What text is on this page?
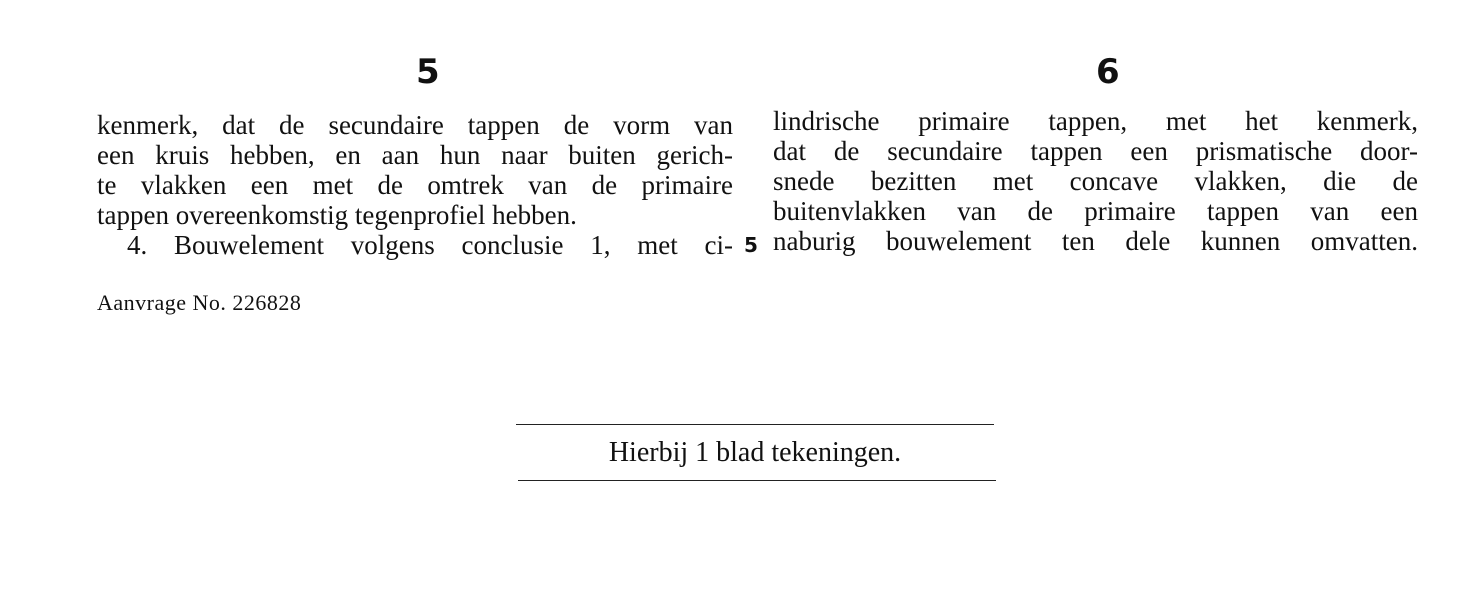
5	6
kenmerk, dat de secundaire tappen de vorm van
een kruis hebben, en aan hun naar buiten gerich-
te vlakken een met de omtrek van de primaire
tappen overeenkomstig tegenprofiel hebben.
4. Bouwelement volgens conclusie 1, met ci- 5
lindrische primaire tappen, met het kenmerk,
dat de secundaire tappen een prismatische door-
snede bezitten met concave vlakken, die de
buitenvlakken van de primaire tappen van een
naburig bouwelement ten dele kunnen omvatten.
Aanvrage No. 226828
Hierbij 1 blad tekeningen.
